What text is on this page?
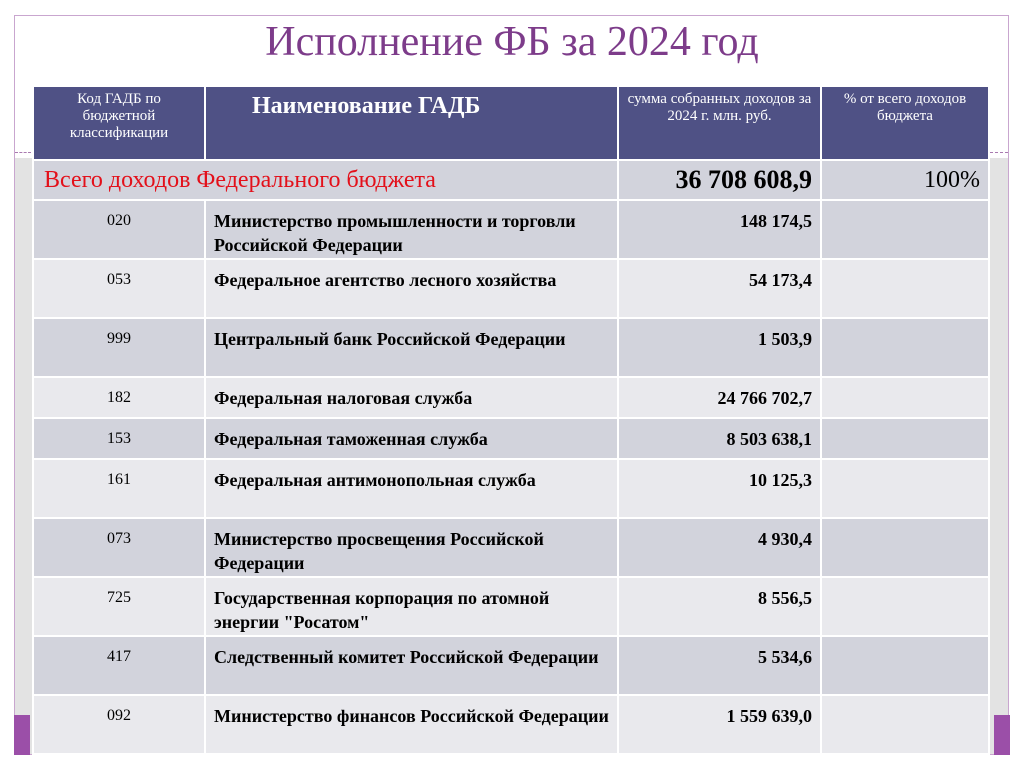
Исполнение ФБ за 2024 год
Код ГАДБ по бюджетной классификации	Наименование ГАДБ	сумма собранных доходов за 2024 г. млн. руб.	% от всего доходов бюджета
Всего доходов Федерального бюджета		36 708 608,9	100%
020	Министерство промышленности и торговли Российской Федерации	148 174,5	
053	Федеральное агентство лесного хозяйства	54 173,4	
999	Центральный банк Российской Федерации	1 503,9	
182	Федеральная налоговая служба	24 766 702,7	
153	Федеральная таможенная служба	8 503 638,1	
161	Федеральная антимонопольная служба	10 125,3	
073	Министерство просвещения Российской Федерации	4 930,4	
725	Государственная корпорация по атомной энергии "Росатом"	8 556,5	
417	Следственный комитет Российской Федерации	5 534,6	
092	Министерство финансов Российской Федерации	1 559 639,0	
